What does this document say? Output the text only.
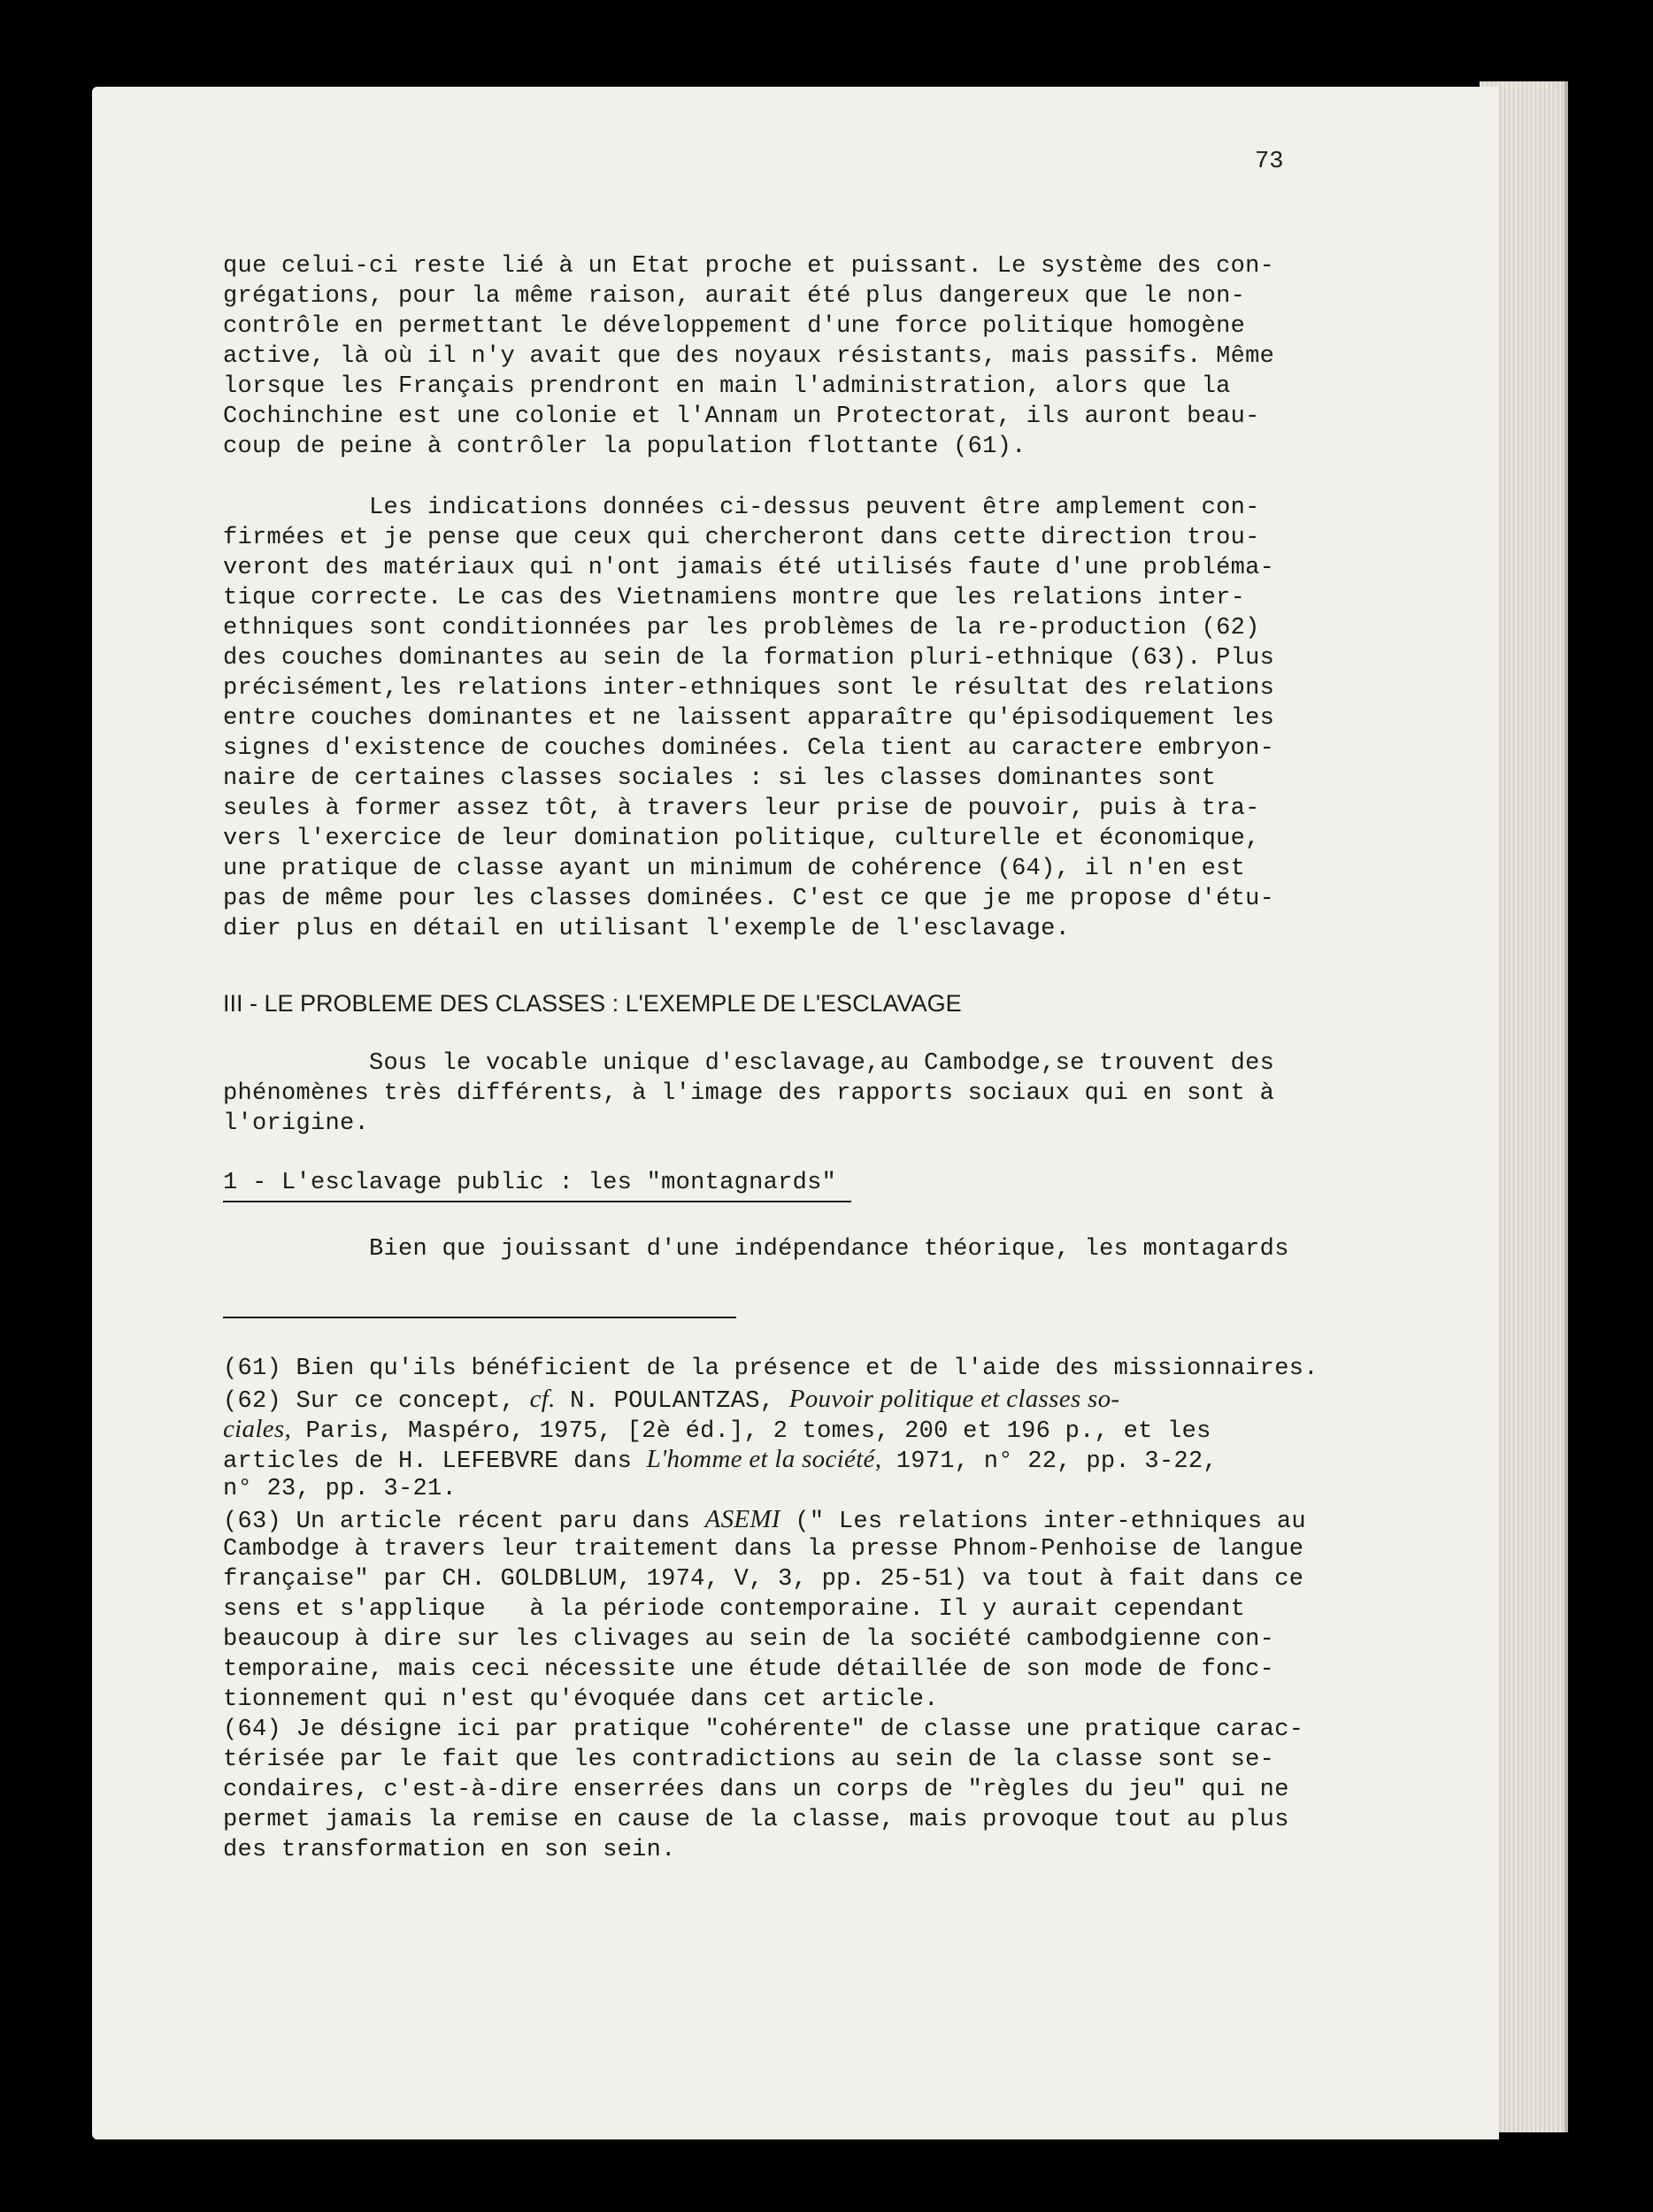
73
que celui-ci reste lié à un Etat proche et puissant. Le système des con-
grégations, pour la même raison, aurait été plus dangereux que le non-
contrôle en permettant le développement d'une force politique homogène
active, là où il n'y avait que des noyaux résistants, mais passifs. Même
lorsque les Français prendront en main l'administration, alors que la
Cochinchine est une colonie et l'Annam un Protectorat, ils auront beau-
coup de peine à contrôler la population flottante (61).
Les indications données ci-dessus peuvent être amplement con-
firmées et je pense que ceux qui chercheront dans cette direction trou-
veront des matériaux qui n'ont jamais été utilisés faute d'une probléma-
tique correcte. Le cas des Vietnamiens montre que les relations inter-
ethniques sont conditionnées par les problèmes de la re-production (62)
des couches dominantes au sein de la formation pluri-ethnique (63). Plus
précisément,les relations inter-ethniques sont le résultat des relations
entre couches dominantes et ne laissent apparaître qu'épisodiquement les
signes d'existence de couches dominées. Cela tient au caractere embryon-
naire de certaines classes sociales : si les classes dominantes sont
seules à former assez tôt, à travers leur prise de pouvoir, puis à tra-
vers l'exercice de leur domination politique, culturelle et économique,
une pratique de classe ayant un minimum de cohérence (64), il n'en est
pas de même pour les classes dominées. C'est ce que je me propose d'étu-
dier plus en détail en utilisant l'exemple de l'esclavage.
III - LE PROBLEME DES CLASSES : L'EXEMPLE DE L'ESCLAVAGE
Sous le vocable unique d'esclavage,au Cambodge,se trouvent des
phénomènes très différents, à l'image des rapports sociaux qui en sont à
l'origine.
1 - L'esclavage public : les "montagnards"
Bien que jouissant d'une indépendance théorique, les montagards
(61) Bien qu'ils bénéficient de la présence et de l'aide des missionnaires.
(62) Sur ce concept, cf. N. POULANTZAS, Pouvoir politique et classes so-
ciales, Paris, Maspéro, 1975, [2è éd.], 2 tomes, 200 et 196 p., et les
articles de H. LEFEBVRE dans L'homme et la société, 1971, n° 22, pp. 3-22,
n° 23, pp. 3-21.
(63) Un article récent paru dans ASEMI (" Les relations inter-ethniques au
Cambodge à travers leur traitement dans la presse Phnom-Penhoise de langue
française" par CH. GOLDBLUM, 1974, V, 3, pp. 25-51) va tout à fait dans ce
sens et s'applique   à la période contemporaine. Il y aurait cependant
beaucoup à dire sur les clivages au sein de la société cambodgienne con-
temporaine, mais ceci nécessite une étude détaillée de son mode de fonc-
tionnement qui n'est qu'évoquée dans cet article.
(64) Je désigne ici par pratique "cohérente" de classe une pratique carac-
térisée par le fait que les contradictions au sein de la classe sont se-
condaires, c'est-à-dire enserrées dans un corps de "règles du jeu" qui ne
permet jamais la remise en cause de la classe, mais provoque tout au plus
des transformation en son sein.
